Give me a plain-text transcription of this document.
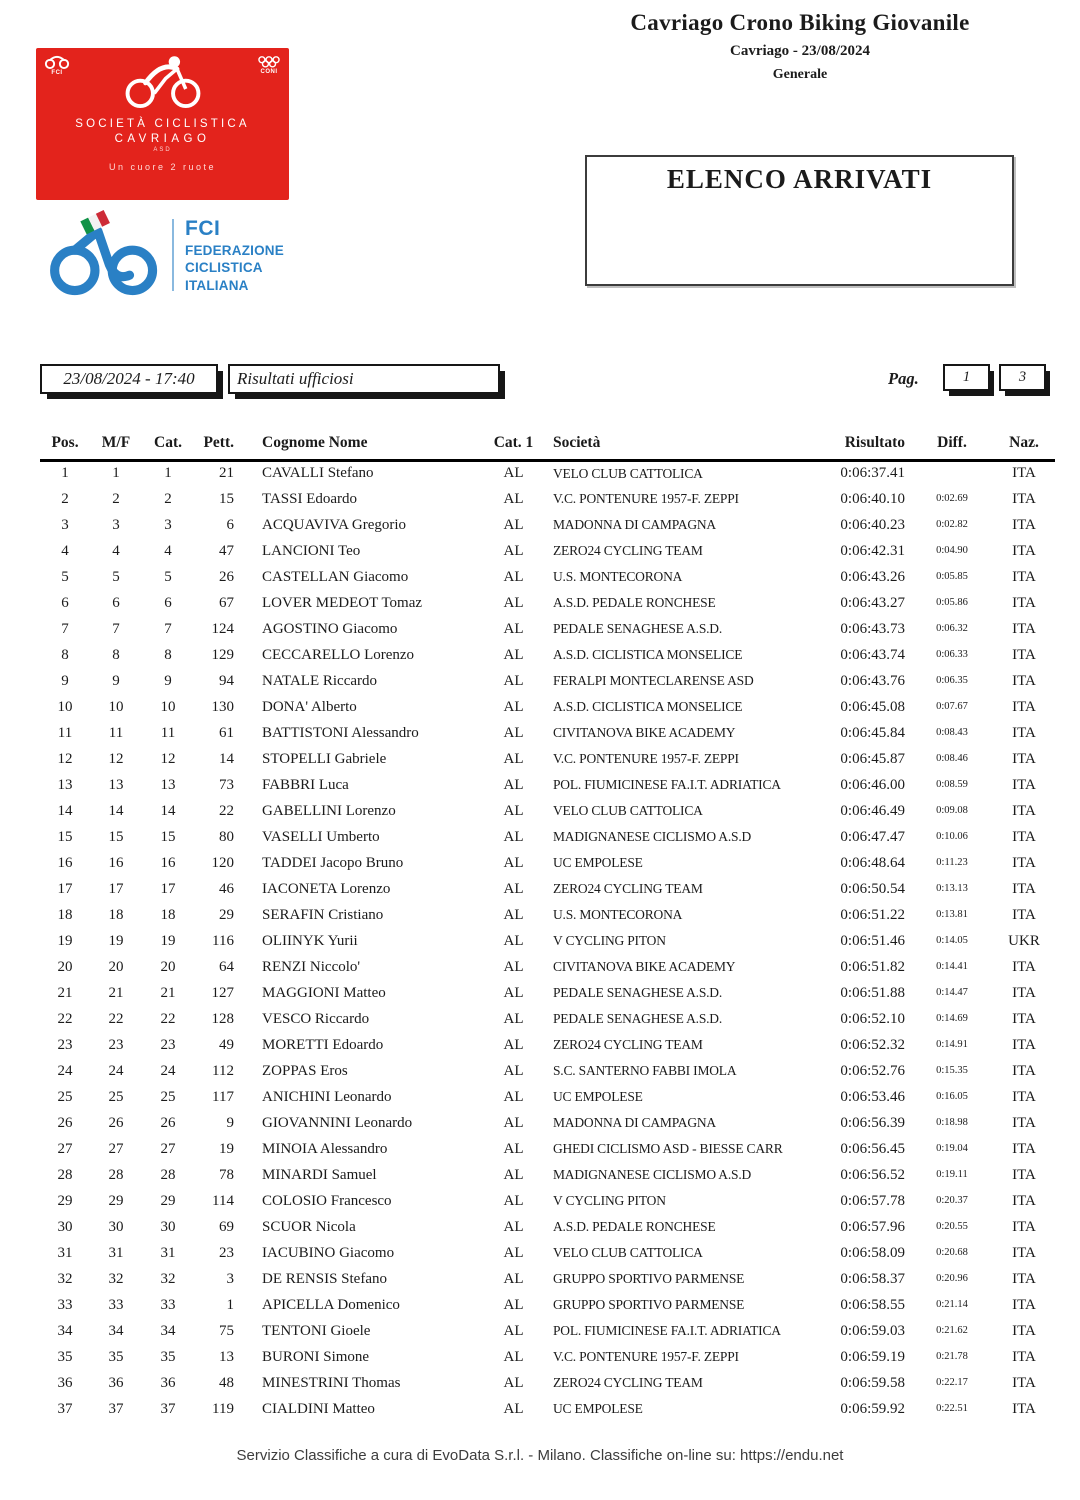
Cavriago Crono Biking Giovanile
Cavriago - 23/08/2024
Generale
FCI	CONI
SOCIETÀ CICLISTICA
CAVRIAGO
ASD
Un cuore 2 ruote
FCI
FEDERAZIONE
CICLISTICA
ITALIANA
ELENCO ARRIVATI
23/08/2024 - 17:40	Risultati ufficiosi	Pag.	1	3
Pos.	M/F	Cat.	Pett.	Cognome Nome	Cat. 1	Società	Risultato	Diff.	Naz.
1	1	1	21	CAVALLI Stefano	AL	VELO CLUB CATTOLICA	0:06:37.41		ITA
2	2	2	15	TASSI Edoardo	AL	V.C. PONTENURE 1957-F. ZEPPI	0:06:40.10	0:02.69	ITA
3	3	3	6	ACQUAVIVA Gregorio	AL	MADONNA DI CAMPAGNA	0:06:40.23	0:02.82	ITA
4	4	4	47	LANCIONI Teo	AL	ZERO24 CYCLING TEAM	0:06:42.31	0:04.90	ITA
5	5	5	26	CASTELLAN Giacomo	AL	U.S. MONTECORONA	0:06:43.26	0:05.85	ITA
6	6	6	67	LOVER MEDEOT Tomaz	AL	A.S.D. PEDALE RONCHESE	0:06:43.27	0:05.86	ITA
7	7	7	124	AGOSTINO Giacomo	AL	PEDALE SENAGHESE A.S.D.	0:06:43.73	0:06.32	ITA
8	8	8	129	CECCARELLO Lorenzo	AL	A.S.D. CICLISTICA MONSELICE	0:06:43.74	0:06.33	ITA
9	9	9	94	NATALE Riccardo	AL	FERALPI MONTECLARENSE ASD	0:06:43.76	0:06.35	ITA
10	10	10	130	DONA' Alberto	AL	A.S.D. CICLISTICA MONSELICE	0:06:45.08	0:07.67	ITA
11	11	11	61	BATTISTONI Alessandro	AL	CIVITANOVA BIKE ACADEMY	0:06:45.84	0:08.43	ITA
12	12	12	14	STOPELLI Gabriele	AL	V.C. PONTENURE 1957-F. ZEPPI	0:06:45.87	0:08.46	ITA
13	13	13	73	FABBRI Luca	AL	POL. FIUMICINESE FA.I.T. ADRIATICA	0:06:46.00	0:08.59	ITA
14	14	14	22	GABELLINI Lorenzo	AL	VELO CLUB CATTOLICA	0:06:46.49	0:09.08	ITA
15	15	15	80	VASELLI Umberto	AL	MADIGNANESE CICLISMO A.S.D	0:06:47.47	0:10.06	ITA
16	16	16	120	TADDEI Jacopo Bruno	AL	UC EMPOLESE	0:06:48.64	0:11.23	ITA
17	17	17	46	IACONETA Lorenzo	AL	ZERO24 CYCLING TEAM	0:06:50.54	0:13.13	ITA
18	18	18	29	SERAFIN Cristiano	AL	U.S. MONTECORONA	0:06:51.22	0:13.81	ITA
19	19	19	116	OLIINYK Yurii	AL	V CYCLING PITON	0:06:51.46	0:14.05	UKR
20	20	20	64	RENZI Niccolo'	AL	CIVITANOVA BIKE ACADEMY	0:06:51.82	0:14.41	ITA
21	21	21	127	MAGGIONI Matteo	AL	PEDALE SENAGHESE A.S.D.	0:06:51.88	0:14.47	ITA
22	22	22	128	VESCO Riccardo	AL	PEDALE SENAGHESE A.S.D.	0:06:52.10	0:14.69	ITA
23	23	23	49	MORETTI Edoardo	AL	ZERO24 CYCLING TEAM	0:06:52.32	0:14.91	ITA
24	24	24	112	ZOPPAS Eros	AL	S.C. SANTERNO FABBI IMOLA	0:06:52.76	0:15.35	ITA
25	25	25	117	ANICHINI Leonardo	AL	UC EMPOLESE	0:06:53.46	0:16.05	ITA
26	26	26	9	GIOVANNINI Leonardo	AL	MADONNA DI CAMPAGNA	0:06:56.39	0:18.98	ITA
27	27	27	19	MINOIA Alessandro	AL	GHEDI CICLISMO ASD - BIESSE CARR	0:06:56.45	0:19.04	ITA
28	28	28	78	MINARDI Samuel	AL	MADIGNANESE CICLISMO A.S.D	0:06:56.52	0:19.11	ITA
29	29	29	114	COLOSIO Francesco	AL	V CYCLING PITON	0:06:57.78	0:20.37	ITA
30	30	30	69	SCUOR Nicola	AL	A.S.D. PEDALE RONCHESE	0:06:57.96	0:20.55	ITA
31	31	31	23	IACUBINO Giacomo	AL	VELO CLUB CATTOLICA	0:06:58.09	0:20.68	ITA
32	32	32	3	DE RENSIS Stefano	AL	GRUPPO SPORTIVO PARMENSE	0:06:58.37	0:20.96	ITA
33	33	33	1	APICELLA Domenico	AL	GRUPPO SPORTIVO PARMENSE	0:06:58.55	0:21.14	ITA
34	34	34	75	TENTONI Gioele	AL	POL. FIUMICINESE FA.I.T. ADRIATICA	0:06:59.03	0:21.62	ITA
35	35	35	13	BURONI Simone	AL	V.C. PONTENURE 1957-F. ZEPPI	0:06:59.19	0:21.78	ITA
36	36	36	48	MINESTRINI Thomas	AL	ZERO24 CYCLING TEAM	0:06:59.58	0:22.17	ITA
37	37	37	119	CIALDINI Matteo	AL	UC EMPOLESE	0:06:59.92	0:22.51	ITA
Servizio Classifiche a cura di EvoData S.r.l. - Milano. Classifiche on-line su: https://endu.net
